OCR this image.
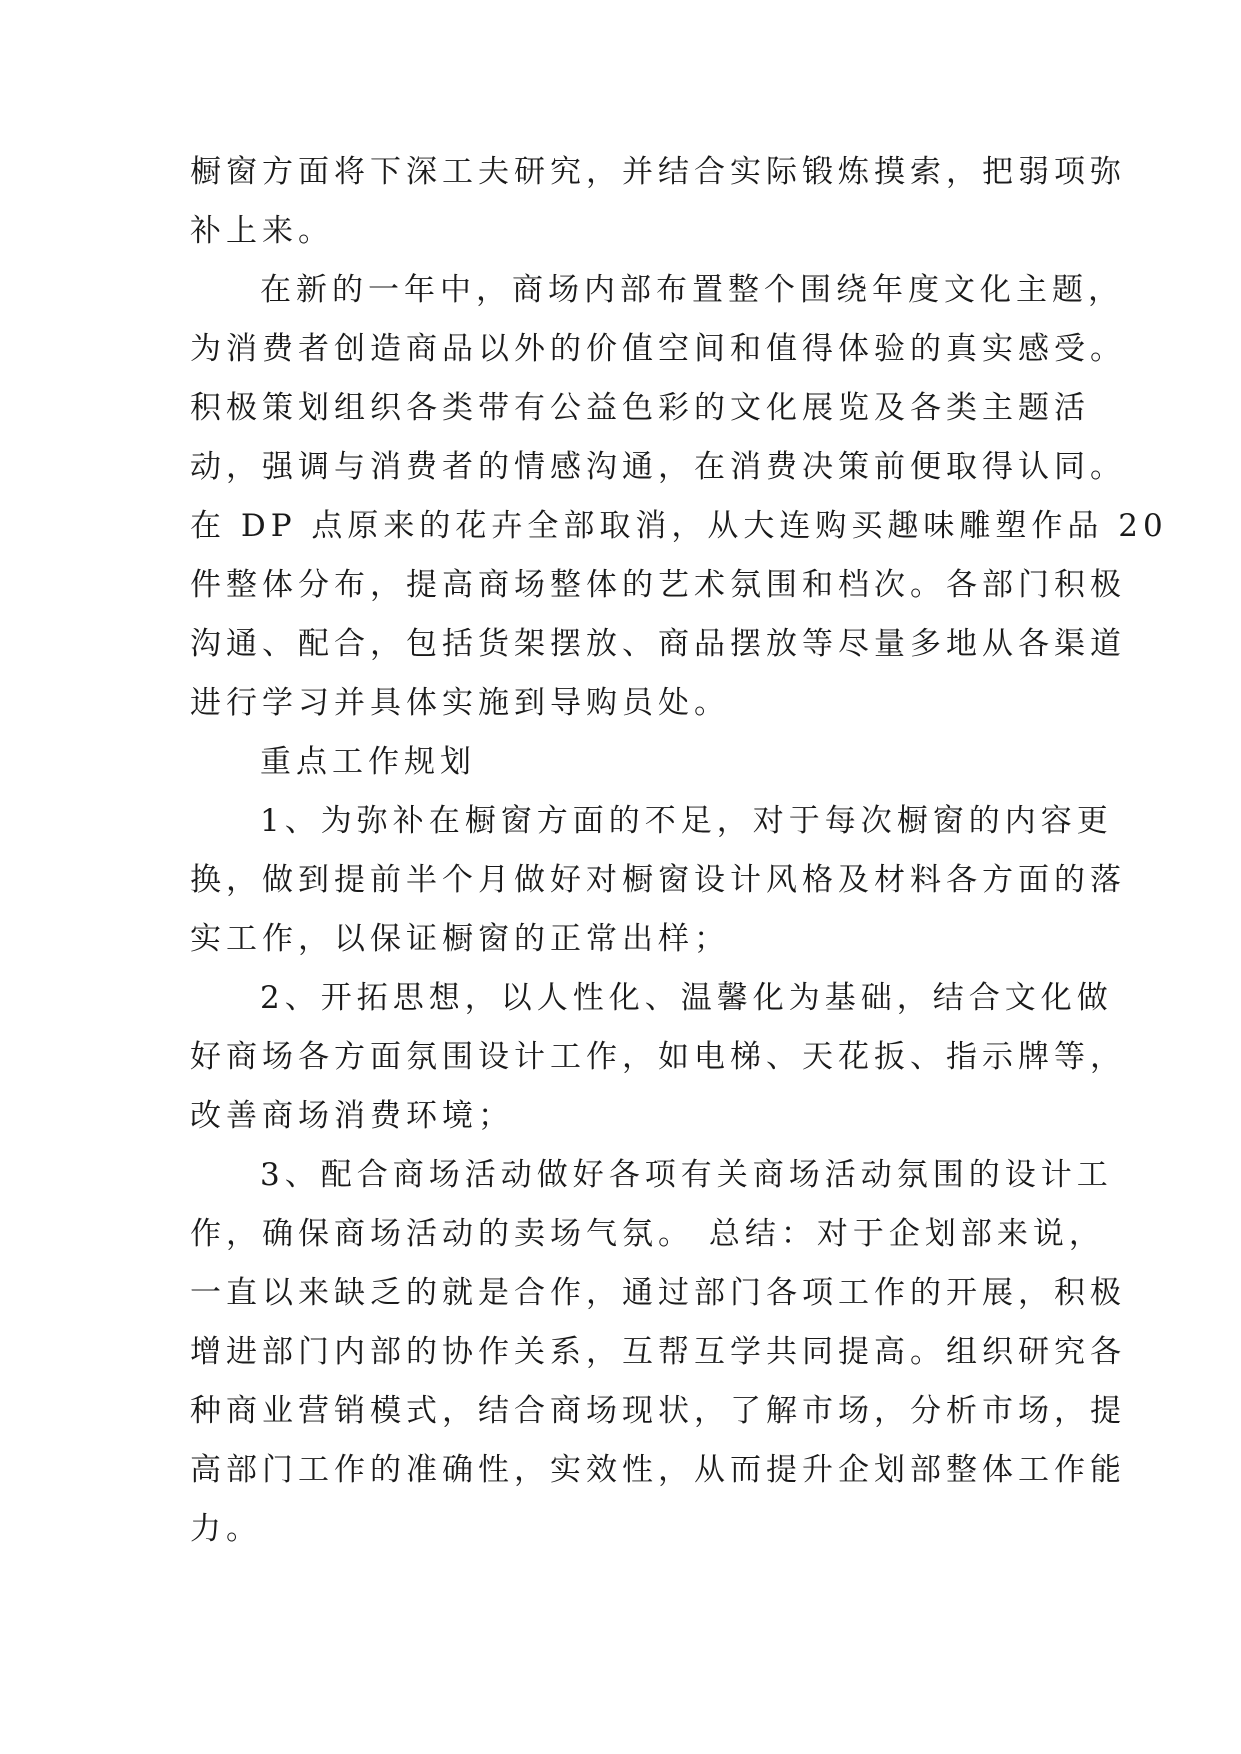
橱窗方面将下深工夫研究，并结合实际锻炼摸索，把弱项弥
补上来。
在新的一年中，商场内部布置整个围绕年度文化主题，
为消费者创造商品以外的价值空间和值得体验的真实感受。
积极策划组织各类带有公益色彩的文化展览及各类主题活
动，强调与消费者的情感沟通，在消费决策前便取得认同。
在 DP 点原来的花卉全部取消，从大连购买趣味雕塑作品 20
件整体分布，提高商场整体的艺术氛围和档次。各部门积极
沟通、配合，包括货架摆放、商品摆放等尽量多地从各渠道
进行学习并具体实施到导购员处。
重点工作规划
1、为弥补在橱窗方面的不足，对于每次橱窗的内容更
换，做到提前半个月做好对橱窗设计风格及材料各方面的落
实工作，以保证橱窗的正常出样；
2、开拓思想，以人性化、温馨化为基础，结合文化做
好商场各方面氛围设计工作，如电梯、天花扳、指示牌等，
改善商场消费环境；
3、配合商场活动做好各项有关商场活动氛围的设计工
作，确保商场活动的卖场气氛。 总结：对于企划部来说，
一直以来缺乏的就是合作，通过部门各项工作的开展，积极
增进部门内部的协作关系，互帮互学共同提高。组织研究各
种商业营销模式，结合商场现状，了解市场，分析市场，提
高部门工作的准确性，实效性，从而提升企划部整体工作能
力。
